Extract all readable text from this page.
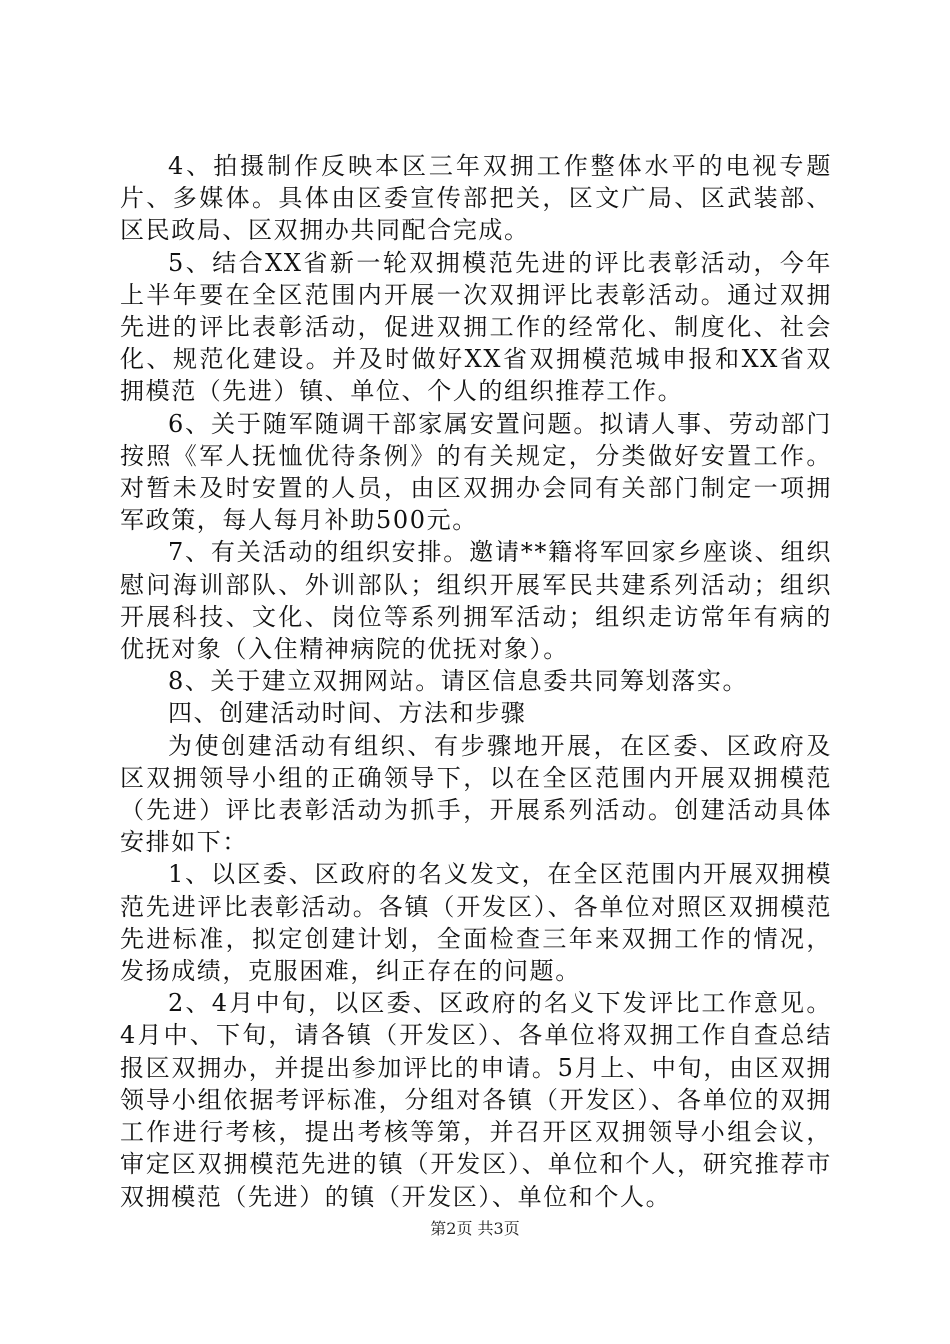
4、拍摄制作反映本区三年双拥工作整体水平的电视专题片、多媒体。具体由区委宣传部把关，区文广局、区武装部、区民政局、区双拥办共同配合完成。

5、结合XX省新一轮双拥模范先进的评比表彰活动，今年上半年要在全区范围内开展一次双拥评比表彰活动。通过双拥先进的评比表彰活动，促进双拥工作的经常化、制度化、社会化、规范化建设。并及时做好XX省双拥模范城申报和XX省双拥模范（先进）镇、单位、个人的组织推荐工作。

6、关于随军随调干部家属安置问题。拟请人事、劳动部门按照《军人抚恤优待条例》的有关规定，分类做好安置工作。对暂未及时安置的人员，由区双拥办会同有关部门制定一项拥军政策，每人每月补助500元。

7、有关活动的组织安排。邀请**籍将军回家乡座谈、组织慰问海训部队、外训部队；组织开展军民共建系列活动；组织开展科技、文化、岗位等系列拥军活动；组织走访常年有病的优抚对象（入住精神病院的优抚对象）。

8、关于建立双拥网站。请区信息委共同筹划落实。

四、创建活动时间、方法和步骤

为使创建活动有组织、有步骤地开展，在区委、区政府及区双拥领导小组的正确领导下，以在全区范围内开展双拥模范（先进）评比表彰活动为抓手，开展系列活动。创建活动具体安排如下：

1、以区委、区政府的名义发文，在全区范围内开展双拥模范先进评比表彰活动。各镇（开发区）、各单位对照区双拥模范先进标准，拟定创建计划，全面检查三年来双拥工作的情况，发扬成绩，克服困难，纠正存在的问题。

2、4月中旬，以区委、区政府的名义下发评比工作意见。4月中、下旬，请各镇（开发区）、各单位将双拥工作自查总结报区双拥办，并提出参加评比的申请。5月上、中旬，由区双拥领导小组依据考评标准，分组对各镇（开发区）、各单位的双拥工作进行考核，提出考核等第，并召开区双拥领导小组会议，审定区双拥模范先进的镇（开发区）、单位和个人，研究推荐市双拥模范（先进）的镇（开发区）、单位和个人。

第2页 共3页
